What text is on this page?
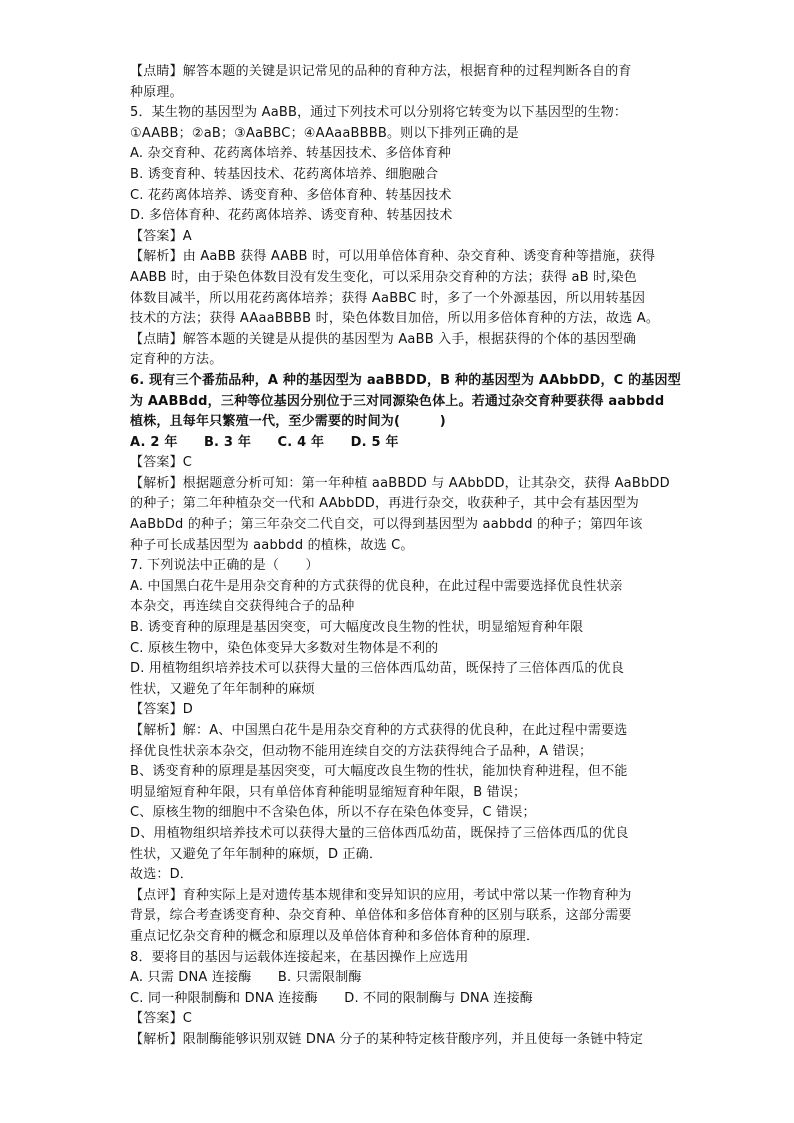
【点睛】解答本题的关键是识记常见的品种的育种方法，根据育种的过程判断各自的育
种原理。
5．某生物的基因型为 AaBB，通过下列技术可以分别将它转变为以下基因型的生物：
①AABB；②aB；③AaBBC；④AAaaBBBB。则以下排列正确的是
A. 杂交育种、花药离体培养、转基因技术、多倍体育种
B. 诱变育种、转基因技术、花药离体培养、细胞融合
C. 花药离体培养、诱变育种、多倍体育种、转基因技术
D. 多倍体育种、花药离体培养、诱变育种、转基因技术
【答案】A
【解析】由 AaBB 获得 AABB 时，可以用单倍体育种、杂交育种、诱变育种等措施，获得
AABB 时，由于染色体数目没有发生变化，可以采用杂交育种的方法；获得 aB 时,染色
体数目减半，所以用花药离体培养；获得 AaBBC 时，多了一个外源基因，所以用转基因
技术的方法；获得 AAaaBBBB 时，染色体数目加倍，所以用多倍体育种的方法，故选 A。
【点睛】解答本题的关键是从提供的基因型为 AaBB 入手，根据获得的个体的基因型确
定育种的方法。
6. 现有三个番茄品种，A 种的基因型为 aaBBDD，B 种的基因型为 AAbbDD，C 的基因型
为 AABBdd，三种等位基因分别位于三对同源染色体上。若通过杂交育种要获得 aabbdd
植株，且每年只繁殖一代，至少需要的时间为(　　　)
A. 2 年　　B. 3 年　　C. 4 年　　D. 5 年
【答案】C
【解析】根据题意分析可知：第一年种植 aaBBDD 与 AAbbDD，让其杂交，获得 AaBbDD
的种子；第二年种植杂交一代和 AAbbDD，再进行杂交，收获种子，其中会有基因型为
AaBbDd 的种子；第三年杂交二代自交，可以得到基因型为 aabbdd 的种子；第四年该
种子可长成基因型为 aabbdd 的植株，故选 C。
7. 下列说法中正确的是（　　）
A. 中国黑白花牛是用杂交育种的方式获得的优良种，在此过程中需要选择优良性状亲
本杂交，再连续自交获得纯合子的品种
B. 诱变育种的原理是基因突变，可大幅度改良生物的性状，明显缩短育种年限
C. 原核生物中，染色体变异大多数对生物体是不利的
D. 用植物组织培养技术可以获得大量的三倍体西瓜幼苗，既保持了三倍体西瓜的优良
性状，又避免了年年制种的麻烦
【答案】D
【解析】解：A、中国黑白花牛是用杂交育种的方式获得的优良种，在此过程中需要选
择优良性状亲本杂交，但动物不能用连续自交的方法获得纯合子品种，A 错误；
B、诱变育种的原理是基因突变，可大幅度改良生物的性状，能加快育种进程，但不能
明显缩短育种年限，只有单倍体育种能明显缩短育种年限，B 错误；
C、原核生物的细胞中不含染色体，所以不存在染色体变异，C 错误；
D、用植物组织培养技术可以获得大量的三倍体西瓜幼苗，既保持了三倍体西瓜的优良
性状，又避免了年年制种的麻烦，D 正确．
故选：D．
【点评】育种实际上是对遗传基本规律和变异知识的应用，考试中常以某一作物育种为
背景，综合考查诱变育种、杂交育种、单倍体和多倍体育种的区别与联系，这部分需要
重点记忆杂交育种的概念和原理以及单倍体育种和多倍体育种的原理．
8．要将目的基因与运载体连接起来，在基因操作上应选用
A. 只需 DNA 连接酶　　B. 只需限制酶
C. 同一种限制酶和 DNA 连接酶　　D. 不同的限制酶与 DNA 连接酶
【答案】C
【解析】限制酶能够识别双链 DNA 分子的某种特定核苷酸序列，并且使每一条链中特定
